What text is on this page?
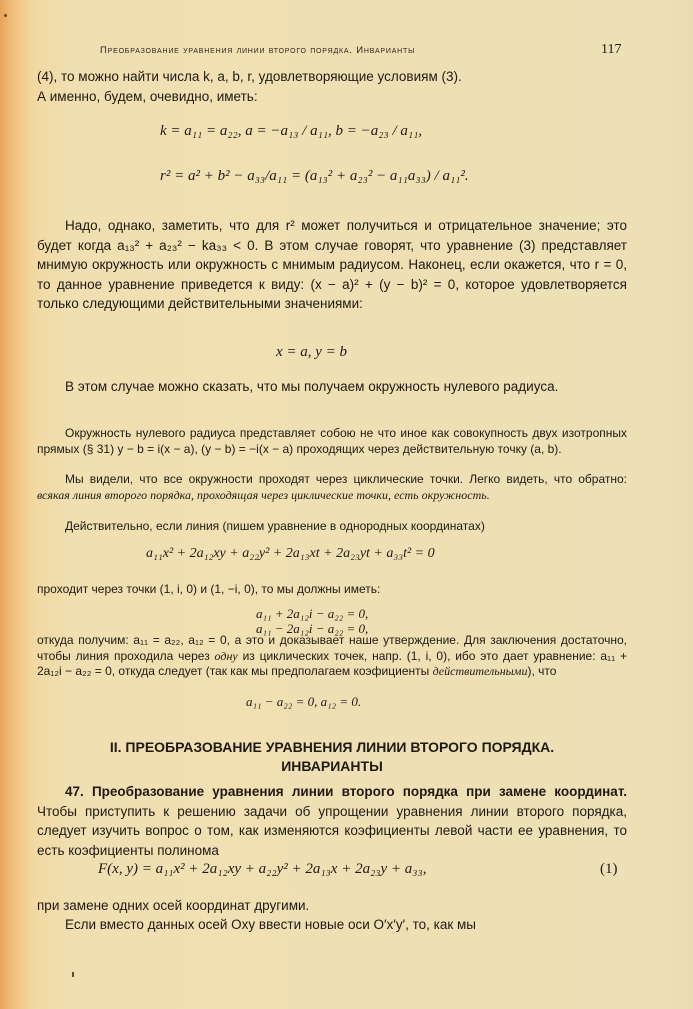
Преобразование уравнения линии второго порядка. Инварианты	117
(4), то можно найти числа k, a, b, r, удовлетворяющие условиям (3).
А именно, будем, очевидно, иметь:
k = a₁₁ = a₂₂, a = −a₁₃ / a₁₁, b = −a₂₃ / a₁₁,
r² = a² + b² − a₃₃/a₁₁ = (a₁₃² + a₂₃² − a₁₁a₃₃) / a₁₁².
Надо, однако, заметить, что для r² может получиться и отрицательное значение; это будет когда a₁₃² + a₂₃² − ka₃₃ < 0. В этом случае говорят, что уравнение (3) представляет мнимую окружность или окружность с мнимым радиусом. Наконец, если окажется, что r = 0, то данное уравнение приведется к виду: (x − a)² + (y − b)² = 0, которое удовлетворяется только следующими действительными значениями:
x = a, y = b
В этом случае можно сказать, что мы получаем окружность нулевого радиуса.
Окружность нулевого радиуса представляет собою не что иное как совокупность двух изотропных прямых (§ 31) y − b = i(x − a), (y − b) = −i(x − a) проходящих через действительную точку (a, b).
Мы видели, что все окружности проходят через циклические точки. Легко видеть, что обратно: всякая линия второго порядка, проходящая через циклические точки, есть окружность.
Действительно, если линия (пишем уравнение в однородных координатах)
a₁₁x² + 2a₁₂xy + a₂₂y² + 2a₁₃xt + 2a₂₃yt + a₃₃t² = 0
проходит через точки (1, i, 0) и (1, −i, 0), то мы должны иметь:
a₁₁ + 2a₁₂i − a₂₂ = 0,
a₁₁ − 2a₁₂i − a₂₂ = 0,
откуда получим: a₁₁ = a₂₂, a₁₂ = 0, а это и доказывает наше утверждение. Для заключения достаточно, чтобы линия проходила через одну из циклических точек, напр. (1, i, 0), ибо это дает уравнение: a₁₁ + 2a₁₂i − a₂₂ = 0, откуда следует (так как мы предполагаем коэфициенты действительными), что
a₁₁ − a₂₂ = 0, a₁₂ = 0.
II. ПРЕОБРАЗОВАНИЕ УРАВНЕНИЯ ЛИНИИ ВТОРОГО ПОРЯДКА.
ИНВАРИАНТЫ
47. Преобразование уравнения линии второго порядка при замене координат. Чтобы приступить к решению задачи об упрощении уравнения линии второго порядка, следует изучить вопрос о том, как изменяются коэфициенты левой части ее уравнения, то есть коэфициенты полинома
F(x, y) = a₁₁x² + 2a₁₂xy + a₂₂y² + 2a₁₃x + 2a₂₃y + a₃₃,	(1)
при замене одних осей координат другими.
Если вместо данных осей Oxy ввести новые оси O′x′y′, то, как мы
